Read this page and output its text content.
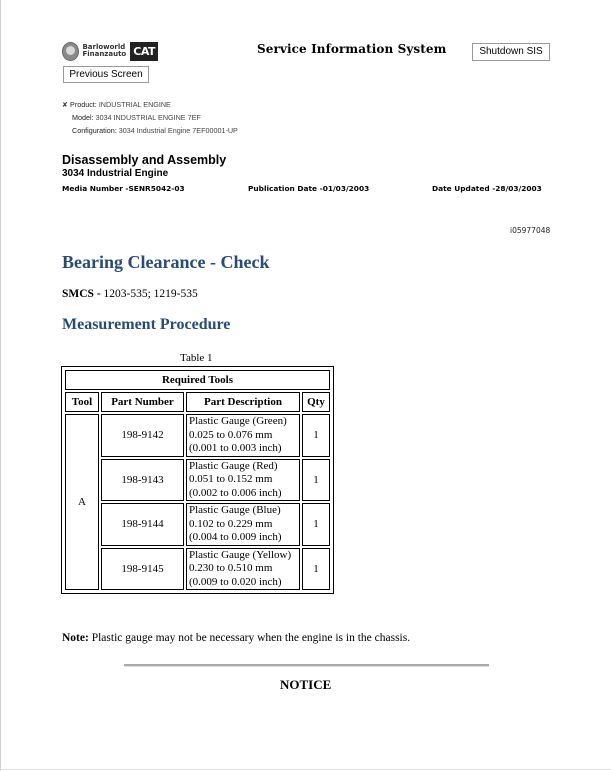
Barloworld
Finanzauto CAT	Service Information System	Shutdown SIS
Previous Screen
✘ Product: INDUSTRIAL ENGINE
Model: 3034 INDUSTRIAL ENGINE 7EF
Configuration: 3034 Industrial Engine 7EF00001-UP
Disassembly and Assembly
3034 Industrial Engine
Media Number -SENR5042-03	Publication Date -01/03/2003	Date Updated -28/03/2003
i05977048
Bearing Clearance - Check
SMCS - 1203-535; 1219-535
Measurement Procedure
Table 1
Required Tools			
Tool	Part Number	Part Description	Qty
A	198-9142	Plastic Gauge (Green)
0.025 to 0.076 mm
(0.001 to 0.003 inch)	1
	198-9143	Plastic Gauge (Red)
0.051 to 0.152 mm
(0.002 to 0.006 inch)	1
	198-9144	Plastic Gauge (Blue)
0.102 to 0.229 mm
(0.004 to 0.009 inch)	1
	198-9145	Plastic Gauge (Yellow)
0.230 to 0.510 mm
(0.009 to 0.020 inch)	1
Note: Plastic gauge may not be necessary when the engine is in the chassis.
NOTICE
